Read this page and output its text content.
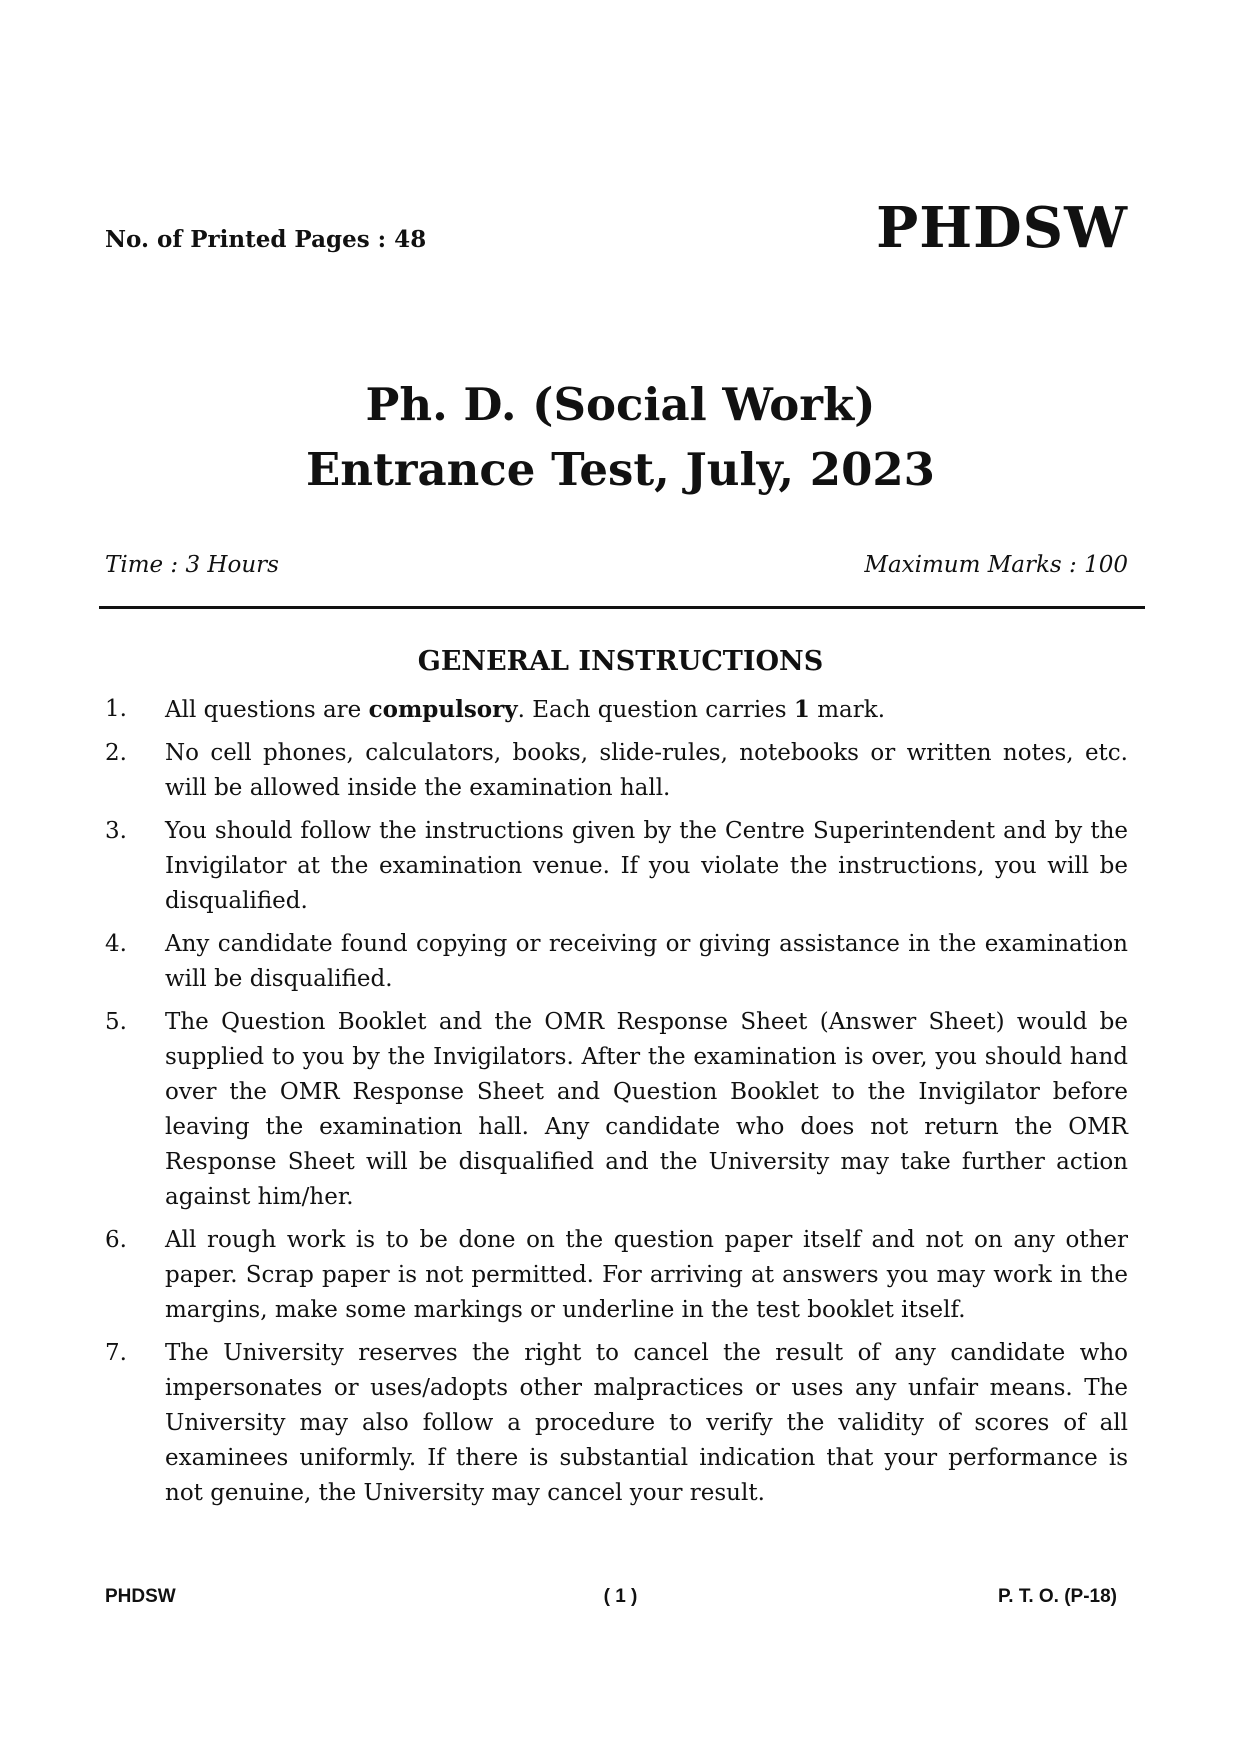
No. of Printed Pages : 48	PHDSW
Ph. D. (Social Work)
Entrance Test, July, 2023
Time : 3 Hours	Maximum Marks : 100
GENERAL INSTRUCTIONS
1. All questions are compulsory. Each question carries 1 mark.
2. No cell phones, calculators, books, slide-rules, notebooks or written notes, etc. will be allowed inside the examination hall.
3. You should follow the instructions given by the Centre Superintendent and by the Invigilator at the examination venue. If you violate the instructions, you will be disqualified.
4. Any candidate found copying or receiving or giving assistance in the examination will be disqualified.
5. The Question Booklet and the OMR Response Sheet (Answer Sheet) would be supplied to you by the Invigilators. After the examination is over, you should hand over the OMR Response Sheet and Question Booklet to the Invigilator before leaving the examination hall. Any candidate who does not return the OMR Response Sheet will be disqualified and the University may take further action against him/her.
6. All rough work is to be done on the question paper itself and not on any other paper. Scrap paper is not permitted. For arriving at answers you may work in the margins, make some markings or underline in the test booklet itself.
7. The University reserves the right to cancel the result of any candidate who impersonates or uses/adopts other malpractices or uses any unfair means. The University may also follow a procedure to verify the validity of scores of all examinees uniformly. If there is substantial indication that your performance is not genuine, the University may cancel your result.
PHDSW	( 1 )	P. T. O. (P-18)
